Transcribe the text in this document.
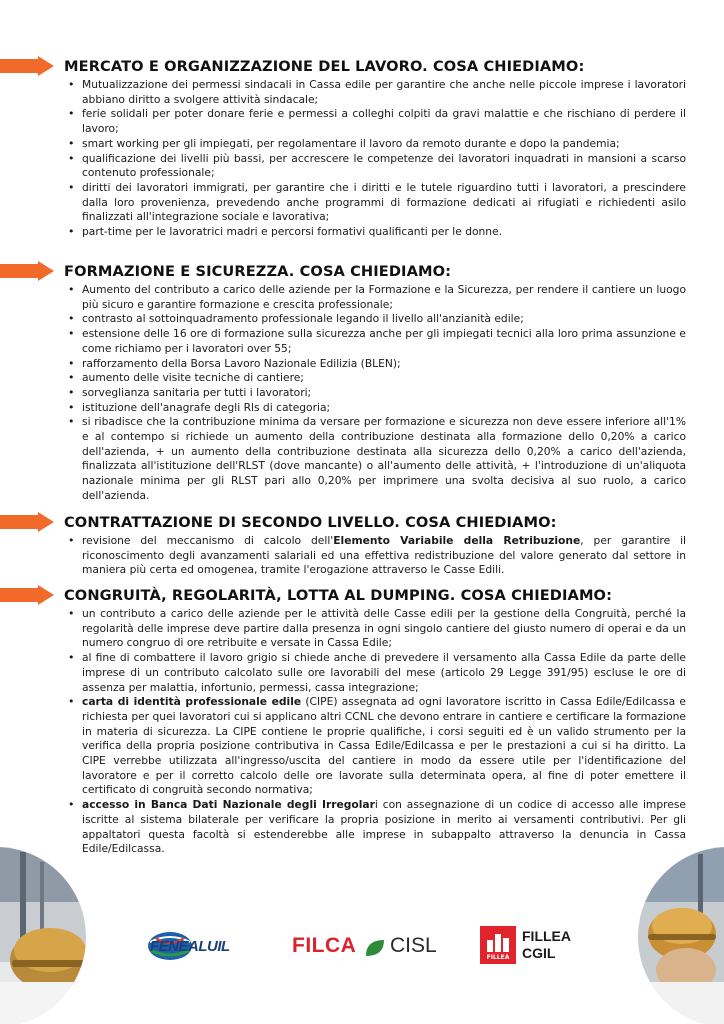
MERCATO E ORGANIZZAZIONE DEL LAVORO. COSA CHIEDIAMO:
• Mutualizzazione dei permessi sindacali in Cassa edile per garantire che anche nelle piccole imprese i lavoratori abbiano diritto a svolgere attività sindacale;
• ferie solidali per poter donare ferie e permessi a colleghi colpiti da gravi malattie e che rischiano di perdere il lavoro;
• smart working per gli impiegati, per regolamentare il lavoro da remoto durante e dopo la pandemia;
• qualificazione dei livelli più bassi, per accrescere le competenze dei lavoratori inquadrati in mansioni a scarso contenuto professionale;
• diritti dei lavoratori immigrati, per garantire che i diritti e le tutele riguardino tutti i lavoratori, a prescindere dalla loro provenienza, prevedendo anche programmi di formazione dedicati ai rifugiati e richiedenti asilo finalizzati all'integrazione sociale e lavorativa;
• part-time per le lavoratrici madri e percorsi formativi qualificanti per le donne.
FORMAZIONE E SICUREZZA. COSA CHIEDIAMO:
• Aumento del contributo a carico delle aziende per la Formazione e la Sicurezza, per rendere il cantiere un luogo più sicuro e garantire formazione e crescita professionale;
• contrasto al sottoinquadramento professionale legando il livello all'anzianità edile;
• estensione delle 16 ore di formazione sulla sicurezza anche per gli impiegati tecnici alla loro prima assunzione e come richiamo per i lavoratori over 55;
• rafforzamento della Borsa Lavoro Nazionale Edilizia (BLEN);
• aumento delle visite tecniche di cantiere;
• sorveglianza sanitaria per tutti i lavoratori;
• istituzione dell'anagrafe degli Rls di categoria;
• si ribadisce che la contribuzione minima da versare per formazione e sicurezza non deve essere inferiore all'1% e al contempo si richiede un aumento della contribuzione destinata alla formazione dello 0,20% a carico dell'azienda, + un aumento della contribuzione destinata alla sicurezza dello 0,20% a carico dell'azienda, finalizzata all'istituzione dell'RLST (dove mancante) o all'aumento delle attività, + l'introduzione di un'aliquota nazionale minima per gli RLST pari allo 0,20% per imprimere una svolta decisiva al suo ruolo, a carico dell'azienda.
CONTRATTAZIONE DI SECONDO LIVELLO. COSA CHIEDIAMO:
• revisione del meccanismo di calcolo dell'Elemento Variabile della Retribuzione, per garantire il riconoscimento degli avanzamenti salariali ed una effettiva redistribuzione del valore generato dal settore in maniera più certa ed omogenea, tramite l'erogazione attraverso le Casse Edili.
CONGRUITÀ, REGOLARITÀ, LOTTA AL DUMPING. COSA CHIEDIAMO:
• un contributo a carico delle aziende per le attività delle Casse edili per la gestione della Congruità, perché la regolarità delle imprese deve partire dalla presenza in ogni singolo cantiere del giusto numero di operai e da un numero congruo di ore retribuite e versate in Cassa Edile;
• al fine di combattere il lavoro grigio si chiede anche di prevedere il versamento alla Cassa Edile da parte delle imprese di un contributo calcolato sulle ore lavorabili del mese (articolo 29 Legge 391/95) escluse le ore di assenza per malattia, infortunio, permessi, cassa integrazione;
• carta di identità professionale edile (CIPE) assegnata ad ogni lavoratore iscritto in Cassa Edile/Edilcassa e richiesta per quei lavoratori cui si applicano altri CCNL che devono entrare in cantiere e certificare la formazione in materia di sicurezza. La CIPE contiene le proprie qualifiche, i corsi seguiti ed è un valido strumento per la verifica della propria posizione contributiva in Cassa Edile/Edilcassa e per le prestazioni a cui si ha diritto. La CIPE verrebbe utilizzata all'ingresso/uscita del cantiere in modo da essere utile per l'identificazione del lavoratore e per il corretto calcolo delle ore lavorate sulla determinata opera, al fine di poter emettere il certificato di congruità secondo normativa;
• accesso in Banca Dati Nazionale degli Irregolari con assegnazione di un codice di accesso alle imprese iscritte al sistema bilaterale per verificare la propria posizione in merito ai versamenti contributivi. Per gli appaltatori questa facoltà si estenderebbe alle imprese in subappalto attraverso la denuncia in Cassa Edile/Edilcassa.
FENEALUIL	FILCA CISL
FILLEA
FILLEA
CGIL
